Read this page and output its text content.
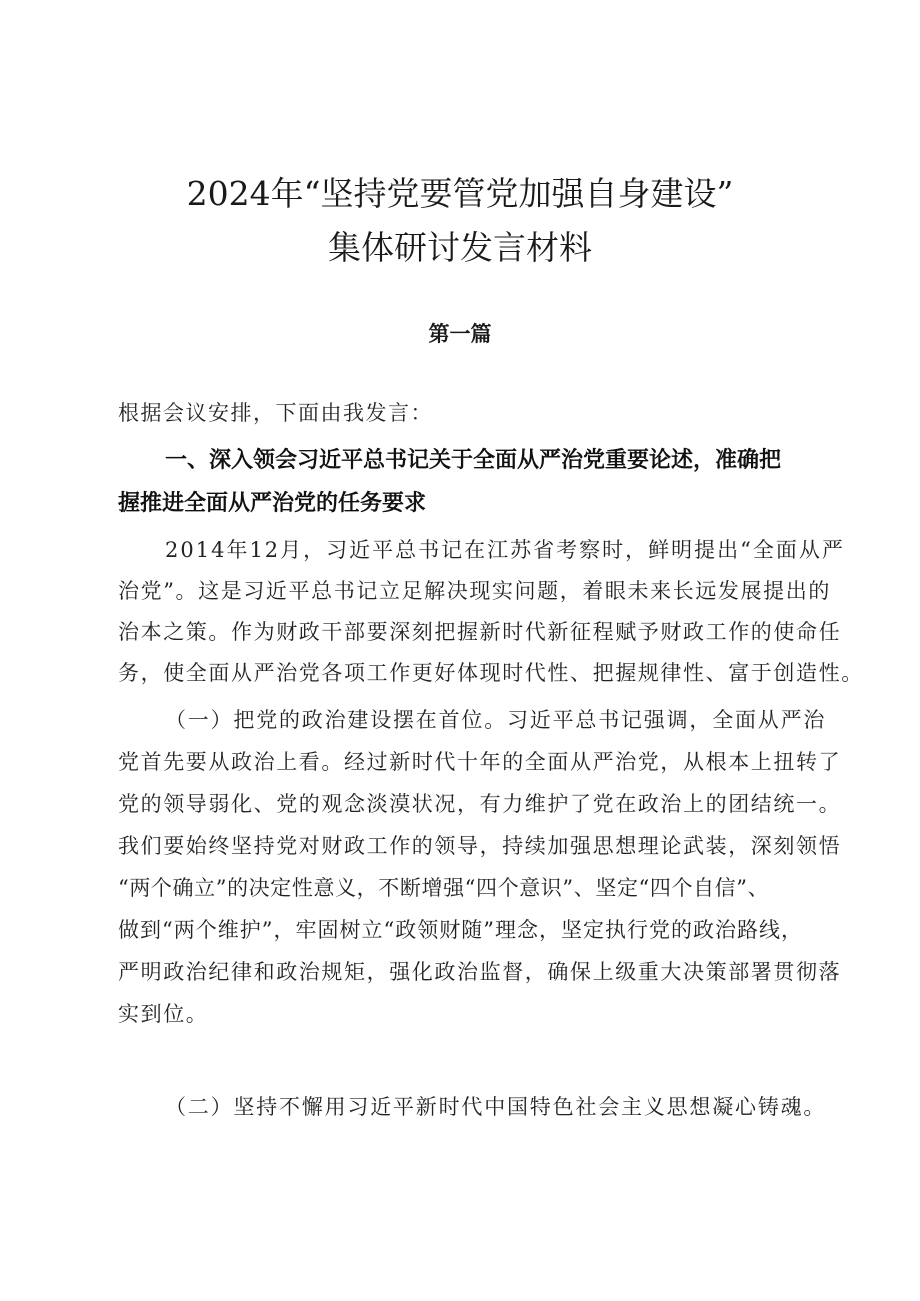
2024年“坚持党要管党加强自身建设”
集体研讨发言材料
第一篇
根据会议安排，下面由我发言：
一、深入领会习近平总书记关于全面从严治党重要论述，准确把
握推进全面从严治党的任务要求
2014年12月，习近平总书记在江苏省考察时，鲜明提出“全面从严
治党”。这是习近平总书记立足解决现实问题，着眼未来长远发展提出的
治本之策。作为财政干部要深刻把握新时代新征程赋予财政工作的使命任
务，使全面从严治党各项工作更好体现时代性、把握规律性、富于创造性。
（一）把党的政治建设摆在首位。习近平总书记强调，全面从严治
党首先要从政治上看。经过新时代十年的全面从严治党，从根本上扭转了
党的领导弱化、党的观念淡漠状况，有力维护了党在政治上的团结统一。
我们要始终坚持党对财政工作的领导，持续加强思想理论武装，深刻领悟
“两个确立”的决定性意义，不断增强“四个意识”、坚定“四个自信”、
做到“两个维护”，牢固树立“政领财随”理念，坚定执行党的政治路线，
严明政治纪律和政治规矩，强化政治监督，确保上级重大决策部署贯彻落
实到位。
（二）坚持不懈用习近平新时代中国特色社会主义思想凝心铸魂。
